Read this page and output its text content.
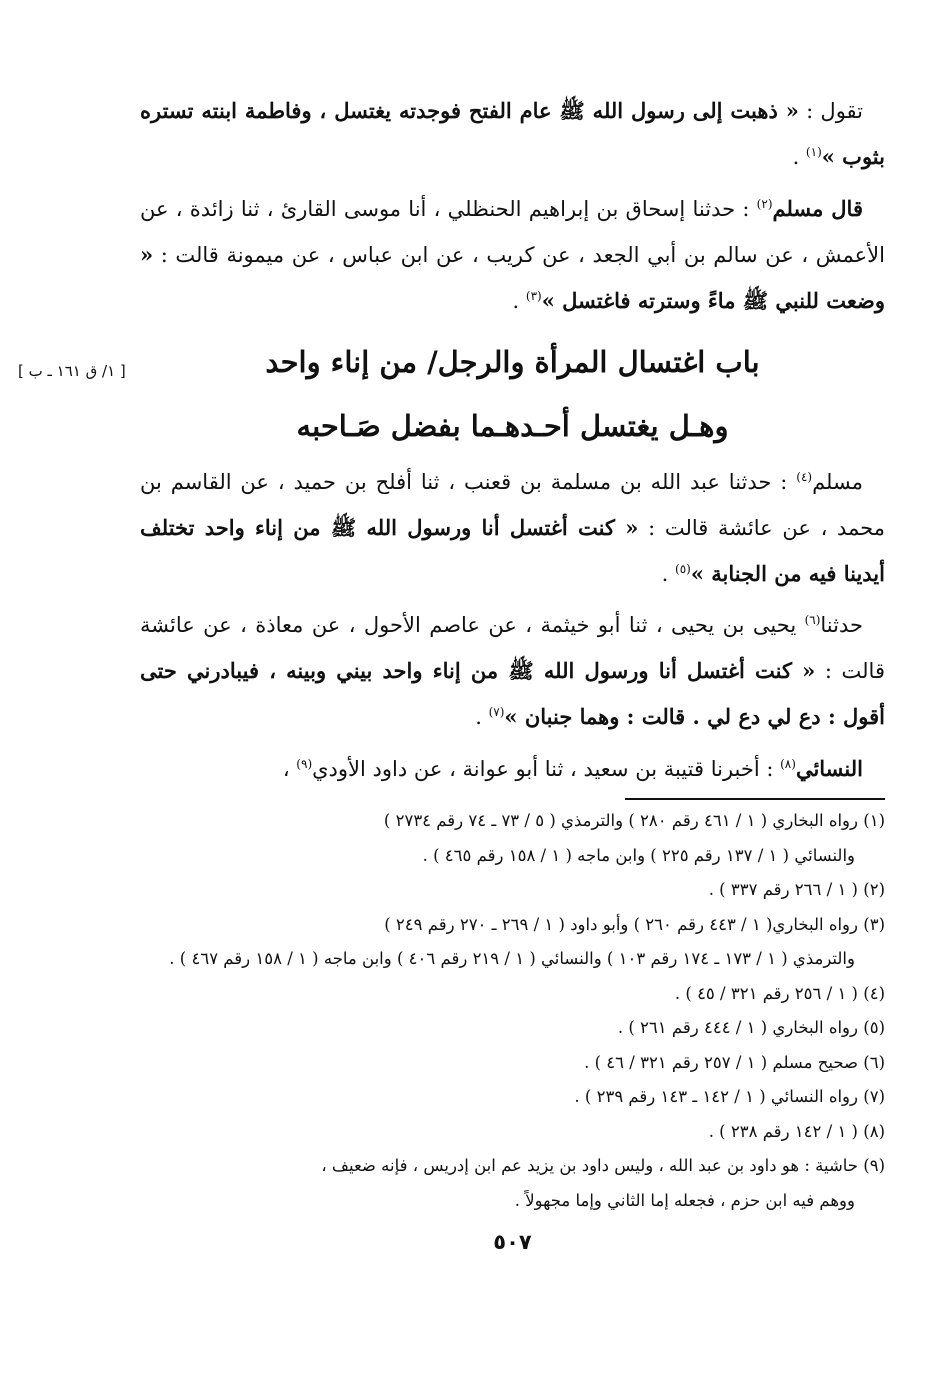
[ ١/ ق ١٦١ ـ ب ]

تقول : « ذهبت إلى رسول الله ﷺ عام الفتح فوجدته يغتسل ، وفاطمة ابنته تستره بثوب »$^{(١)}$ .

قال مسلم$^{(٢)}$ : حدثنا إسحاق بن إبراهيم الحنظلي ، أنا موسى القارئ ، ثنا زائدة ، عن الأعمش ، عن سالم بن أبي الجعد ، عن كريب ، عن ابن عباس ، عن ميمونة قالت : « وضعت للنبي ﷺ ماءً وسترته فاغتسل »$^{(٣)}$ .

باب اغتسال المرأة والرجل/ من إناء واحد
وهـل يغتسل أحـدهـما بفضل صَـاحبه

مسلم$^{(٤)}$ : حدثنا عبد الله بن مسلمة بن قعنب ، ثنا أفلح بن حميد ، عن القاسم بن محمد ، عن عائشة قالت : « كنت أغتسل أنا ورسول الله ﷺ من إناء واحد تختلف أيدينا فيه من الجنابة »$^{(٥)}$ .

حدثنا$^{(٦)}$ يحيى بن يحيى ، ثنا أبو خيثمة ، عن عاصم الأحول ، عن معاذة ، عن عائشة قالت : « كنت أغتسل أنا ورسول الله ﷺ من إناء واحد بيني وبينه ، فيبادرني حتى أقول : دع لي دع لي . قالت : وهما جنبان »$^{(٧)}$ .

النسائي$^{(٨)}$ : أخبرنا قتيبة بن سعيد ، ثنا أبو عوانة ، عن داود الأودي$^{(٩)}$ ،

(١) رواه البخاري ( ١ / ٤٦١ رقم ٢٨٠ ) والترمذي ( ٥ / ٧٣ ـ ٧٤ رقم ٢٧٣٤ )
والنسائي ( ١ / ١٣٧ رقم ٢٢٥ ) وابن ماجه ( ١ / ١٥٨ رقم ٤٦٥ ) .
(٢) ( ١ / ٢٦٦ رقم ٣٣٧ ) .
(٣) رواه البخاري( ١ / ٤٤٣ رقم ٢٦٠ ) وأبو داود ( ١ / ٢٦٩ ـ ٢٧٠ رقم ٢٤٩ )
والترمذي ( ١ / ١٧٣ ـ ١٧٤ رقم ١٠٣ ) والنسائي ( ١ / ٢١٩ رقم ٤٠٦ ) وابن ماجه ( ١ / ١٥٨ رقم ٤٦٧ ) .
(٤) ( ١ / ٢٥٦ رقم ٣٢١ / ٤٥ ) .
(٥) رواه البخاري ( ١ / ٤٤٤ رقم ٢٦١ ) .
(٦) صحيح مسلم ( ١ / ٢٥٧ رقم ٣٢١ / ٤٦ ) .
(٧) رواه النسائي ( ١ / ١٤٢ ـ ١٤٣ رقم ٢٣٩ ) .
(٨) ( ١ / ١٤٢ رقم ٢٣٨ ) .
(٩) حاشية : هو داود بن عبد الله ، وليس داود بن يزيد عم ابن إدريس ، فإنه ضعيف ،
ووهم فيه ابن حزم ، فجعله إما الثاني وإما مجهولاً .
٥٠٧
